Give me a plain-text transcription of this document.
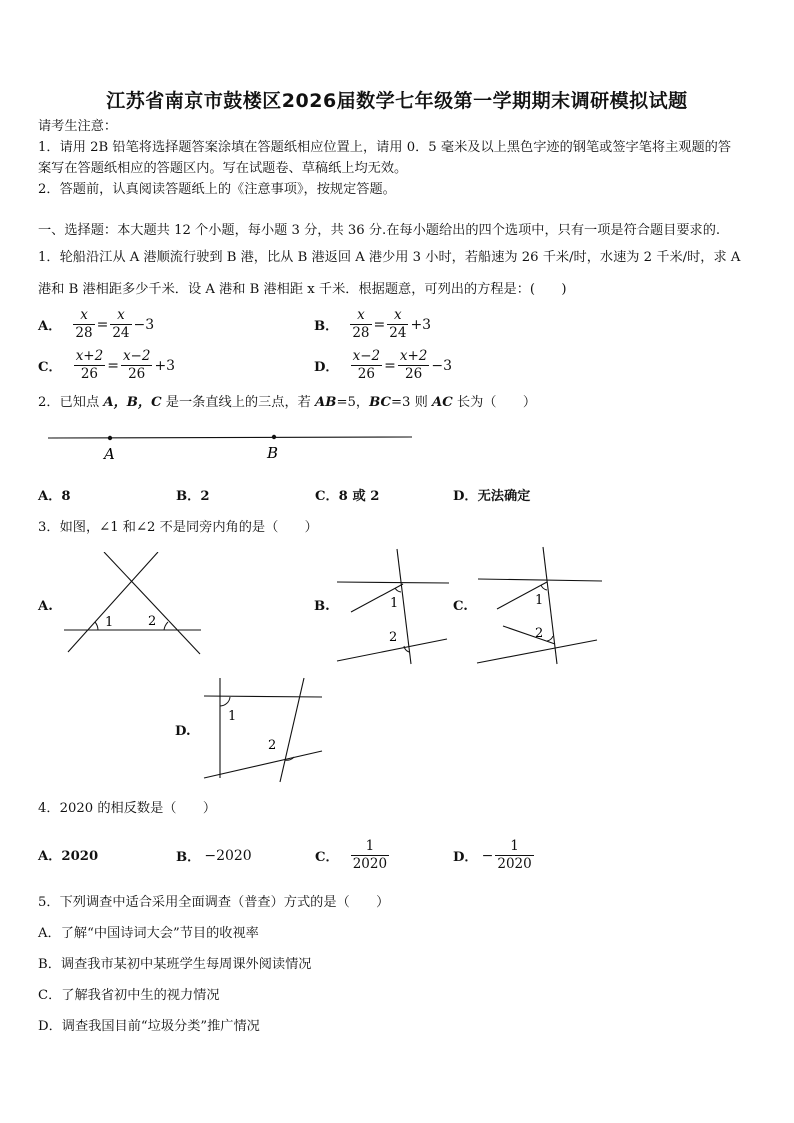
江苏省南京市鼓楼区2026届数学七年级第一学期期末调研模拟试题
请考生注意：
1．请用 2B 铅笔将选择题答案涂填在答题纸相应位置上，请用 0．5 毫米及以上黑色字迹的钢笔或签字笔将主观题的答
案写在答题纸相应的答题区内。写在试题卷、草稿纸上均无效。
2．答题前，认真阅读答题纸上的《注意事项》，按规定答题。
一、选择题：本大题共 12 个小题，每小题 3 分，共 36 分.在每小题给出的四个选项中，只有一项是符合题目要求的.
1．轮船沿江从 A 港顺流行驶到 B 港，比从 B 港返回 A 港少用 3 小时，若船速为 26 千米/时，水速为 2 千米/时，求 A
港和 B 港相距多少千米．设 A 港和 B 港相距 x 千米．根据题意，可列出的方程是：(　　)
A． $\frac{x}{28} = \frac{x}{24} -3$	B． $\frac{x}{28} = \frac{x}{24} +3$
C． $\frac{x+2}{26} = \frac{x-2}{26} +3$	D． $\frac{x-2}{26} = \frac{x+2}{26} -3$
2．已知点 A，B，C 是一条直线上的三点，若 AB=5，BC=3 则 AC 长为（　　）
A	B
A．8	B．2	C．8 或 2	D．无法确定
3．如图，∠1 和∠2 不是同旁内角的是（　　）
A.
1	2
B.	1
2
C.	1
2
D.
1
2
4．2020 的相反数是（　　）
A．2020	B． −2020	C． $\frac{1}{2020}$	D． − $\frac{1}{2020}$
5．下列调查中适合采用全面调查（普查）方式的是（　　）
A．了解“中国诗词大会”节目的收视率
B．调查我市某初中某班学生每周课外阅读情况
C．了解我省初中生的视力情况
D．调查我国目前“垃圾分类”推广情况
